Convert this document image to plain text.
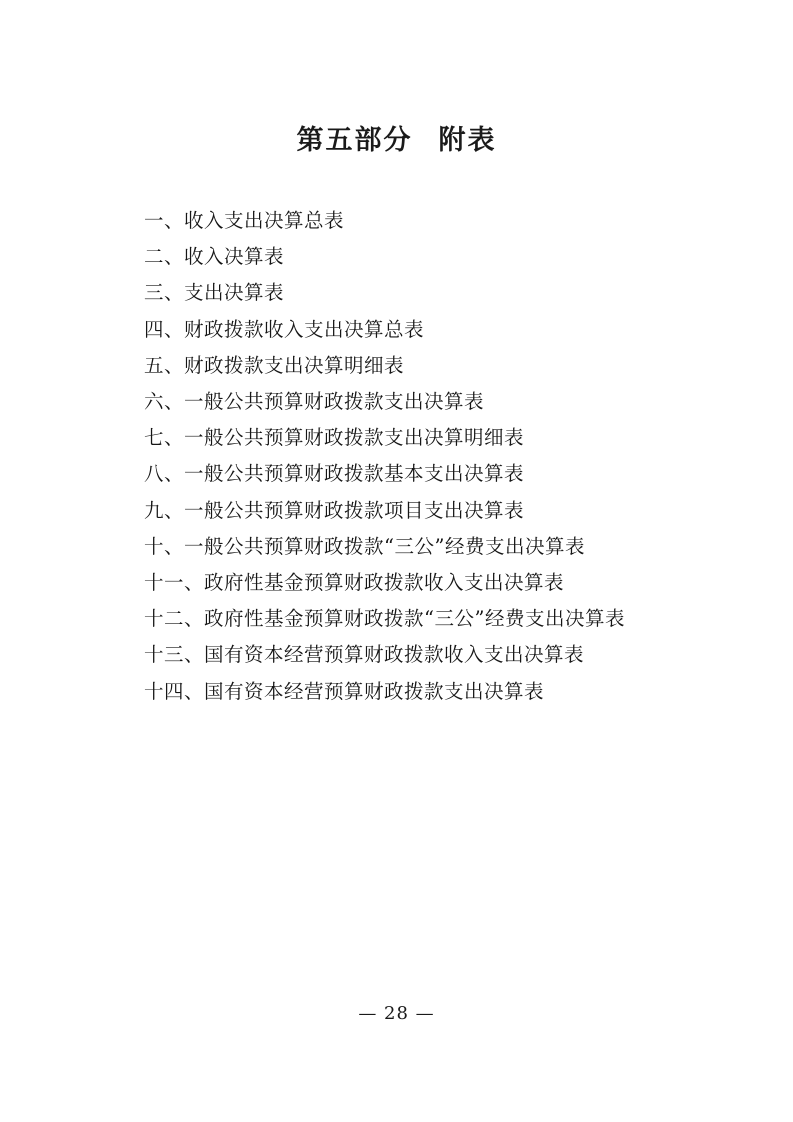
第五部分 附表
一、收入支出决算总表
二、收入决算表
三、支出决算表
四、财政拨款收入支出决算总表
五、财政拨款支出决算明细表
六、一般公共预算财政拨款支出决算表
七、一般公共预算财政拨款支出决算明细表
八、一般公共预算财政拨款基本支出决算表
九、一般公共预算财政拨款项目支出决算表
十、一般公共预算财政拨款“三公”经费支出决算表
十一、政府性基金预算财政拨款收入支出决算表
十二、政府性基金预算财政拨款“三公”经费支出决算表
十三、国有资本经营预算财政拨款收入支出决算表
十四、国有资本经营预算财政拨款支出决算表
— 28 —
